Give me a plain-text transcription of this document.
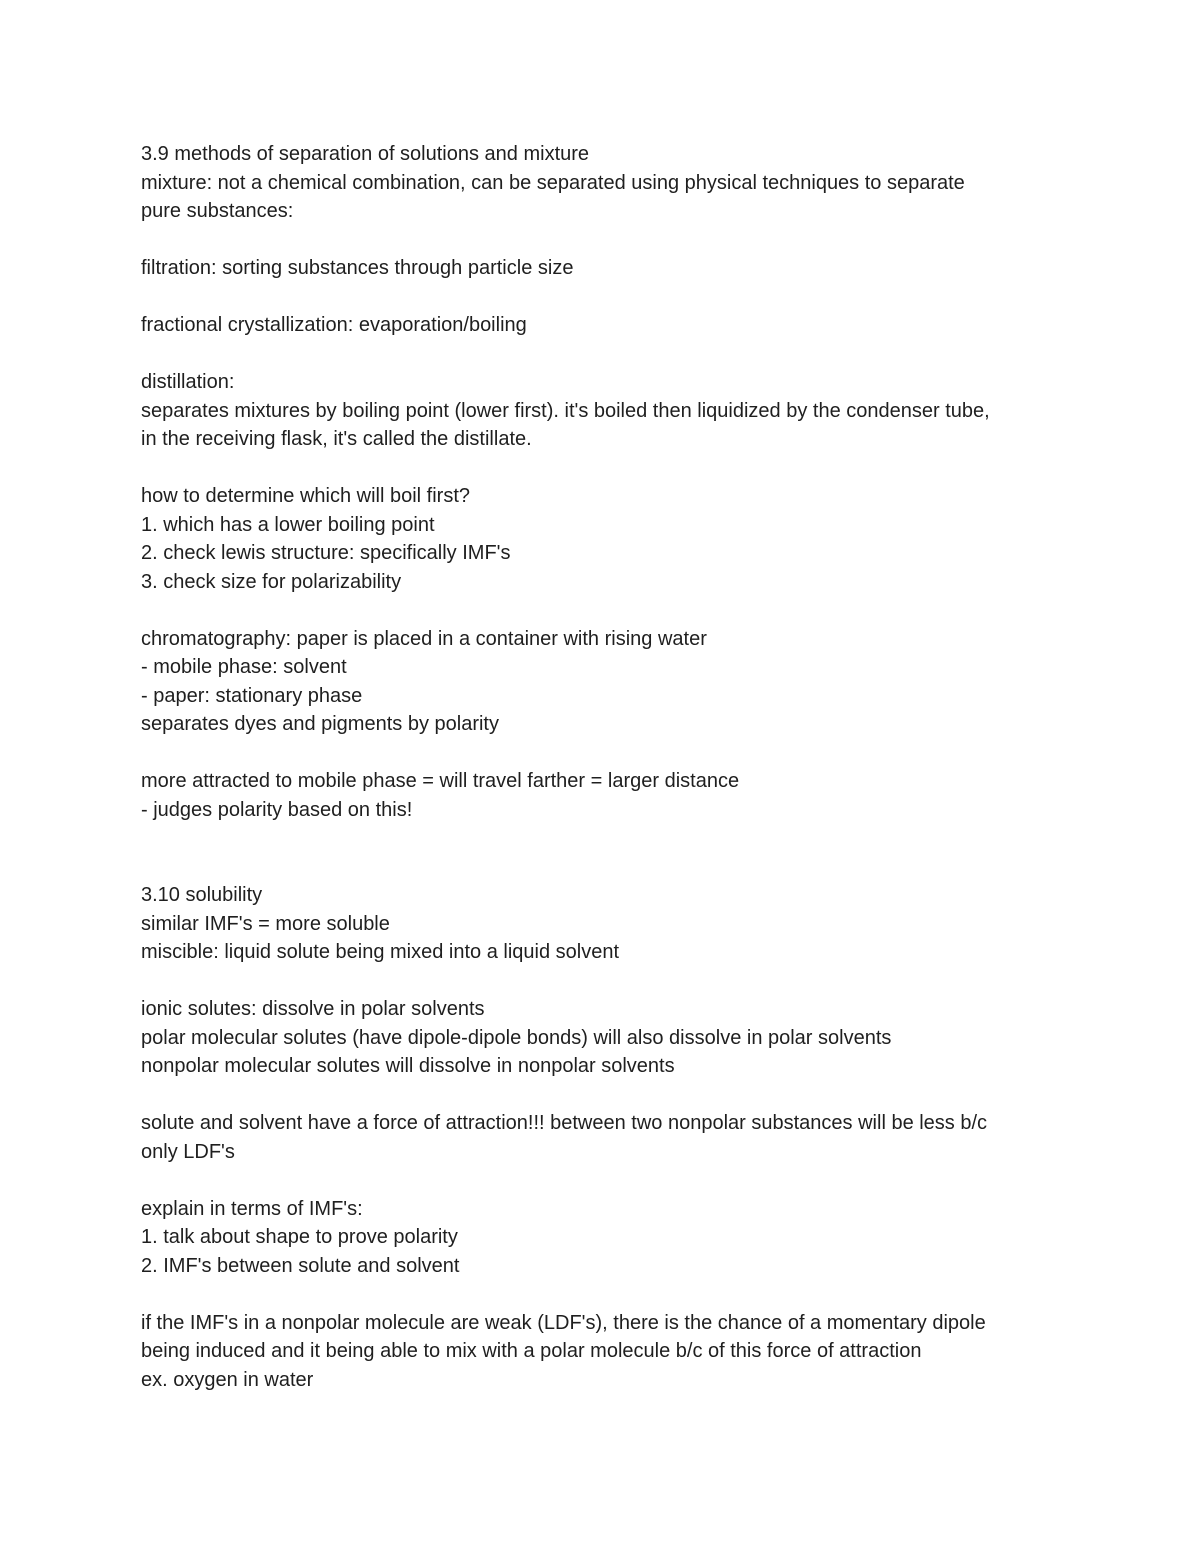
3.9 methods of separation of solutions and mixture
mixture: not a chemical combination, can be separated using physical techniques to separate
pure substances:
filtration: sorting substances through particle size
fractional crystallization: evaporation/boiling
distillation:
separates mixtures by boiling point (lower first). it's boiled then liquidized by the condenser tube,
in the receiving flask, it's called the distillate.
how to determine which will boil first?
1. which has a lower boiling point
2. check lewis structure: specifically IMF's
3. check size for polarizability
chromatography: paper is placed in a container with rising water
- mobile phase: solvent
- paper: stationary phase
separates dyes and pigments by polarity
more attracted to mobile phase = will travel farther = larger distance
- judges polarity based on this!
3.10 solubility
similar IMF's = more soluble
miscible: liquid solute being mixed into a liquid solvent
ionic solutes: dissolve in polar solvents
polar molecular solutes (have dipole-dipole bonds) will also dissolve in polar solvents
nonpolar molecular solutes will dissolve in nonpolar solvents
solute and solvent have a force of attraction!!! between two nonpolar substances will be less b/c
only LDF's
explain in terms of IMF's:
1. talk about shape to prove polarity
2. IMF's between solute and solvent
if the IMF's in a nonpolar molecule are weak (LDF's), there is the chance of a momentary dipole
being induced and it being able to mix with a polar molecule b/c of this force of attraction
ex. oxygen in water
